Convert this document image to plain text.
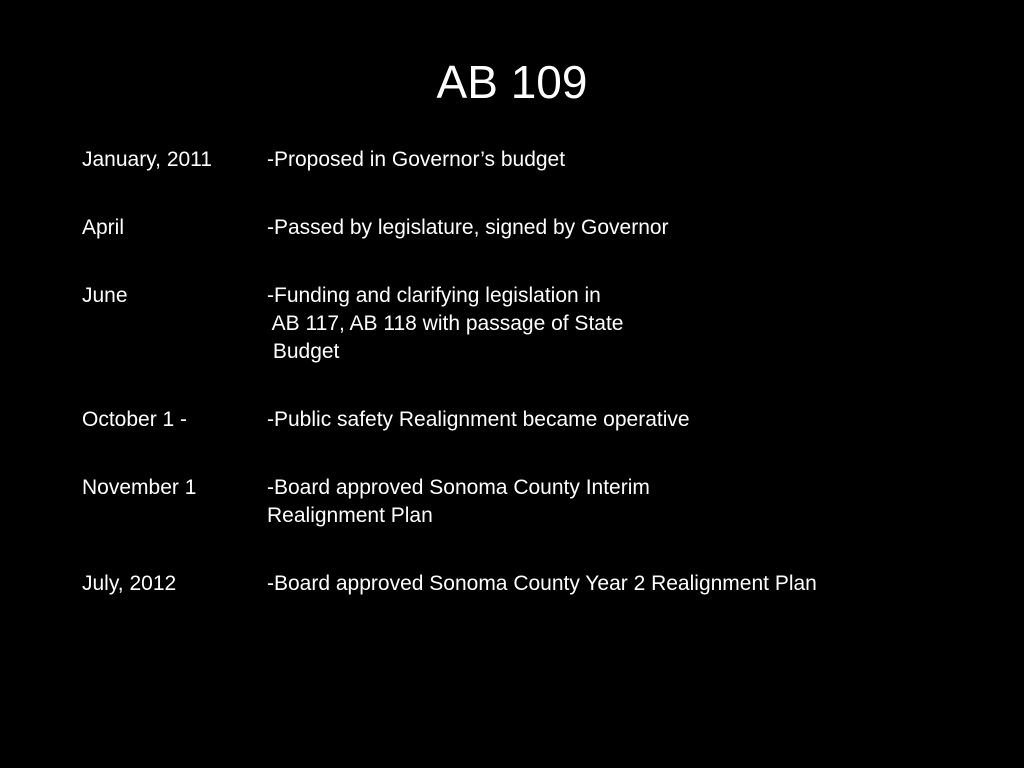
AB 109
January, 2011	-Proposed in Governor’s budget
April	-Passed by legislature, signed by Governor
June	-Funding and clarifying legislation in
AB 117, AB 118 with passage of State
Budget
October 1 -	-Public safety Realignment became operative
November 1	-Board approved Sonoma County Interim
Realignment Plan
July, 2012	-Board approved Sonoma County Year 2 Realignment Plan
